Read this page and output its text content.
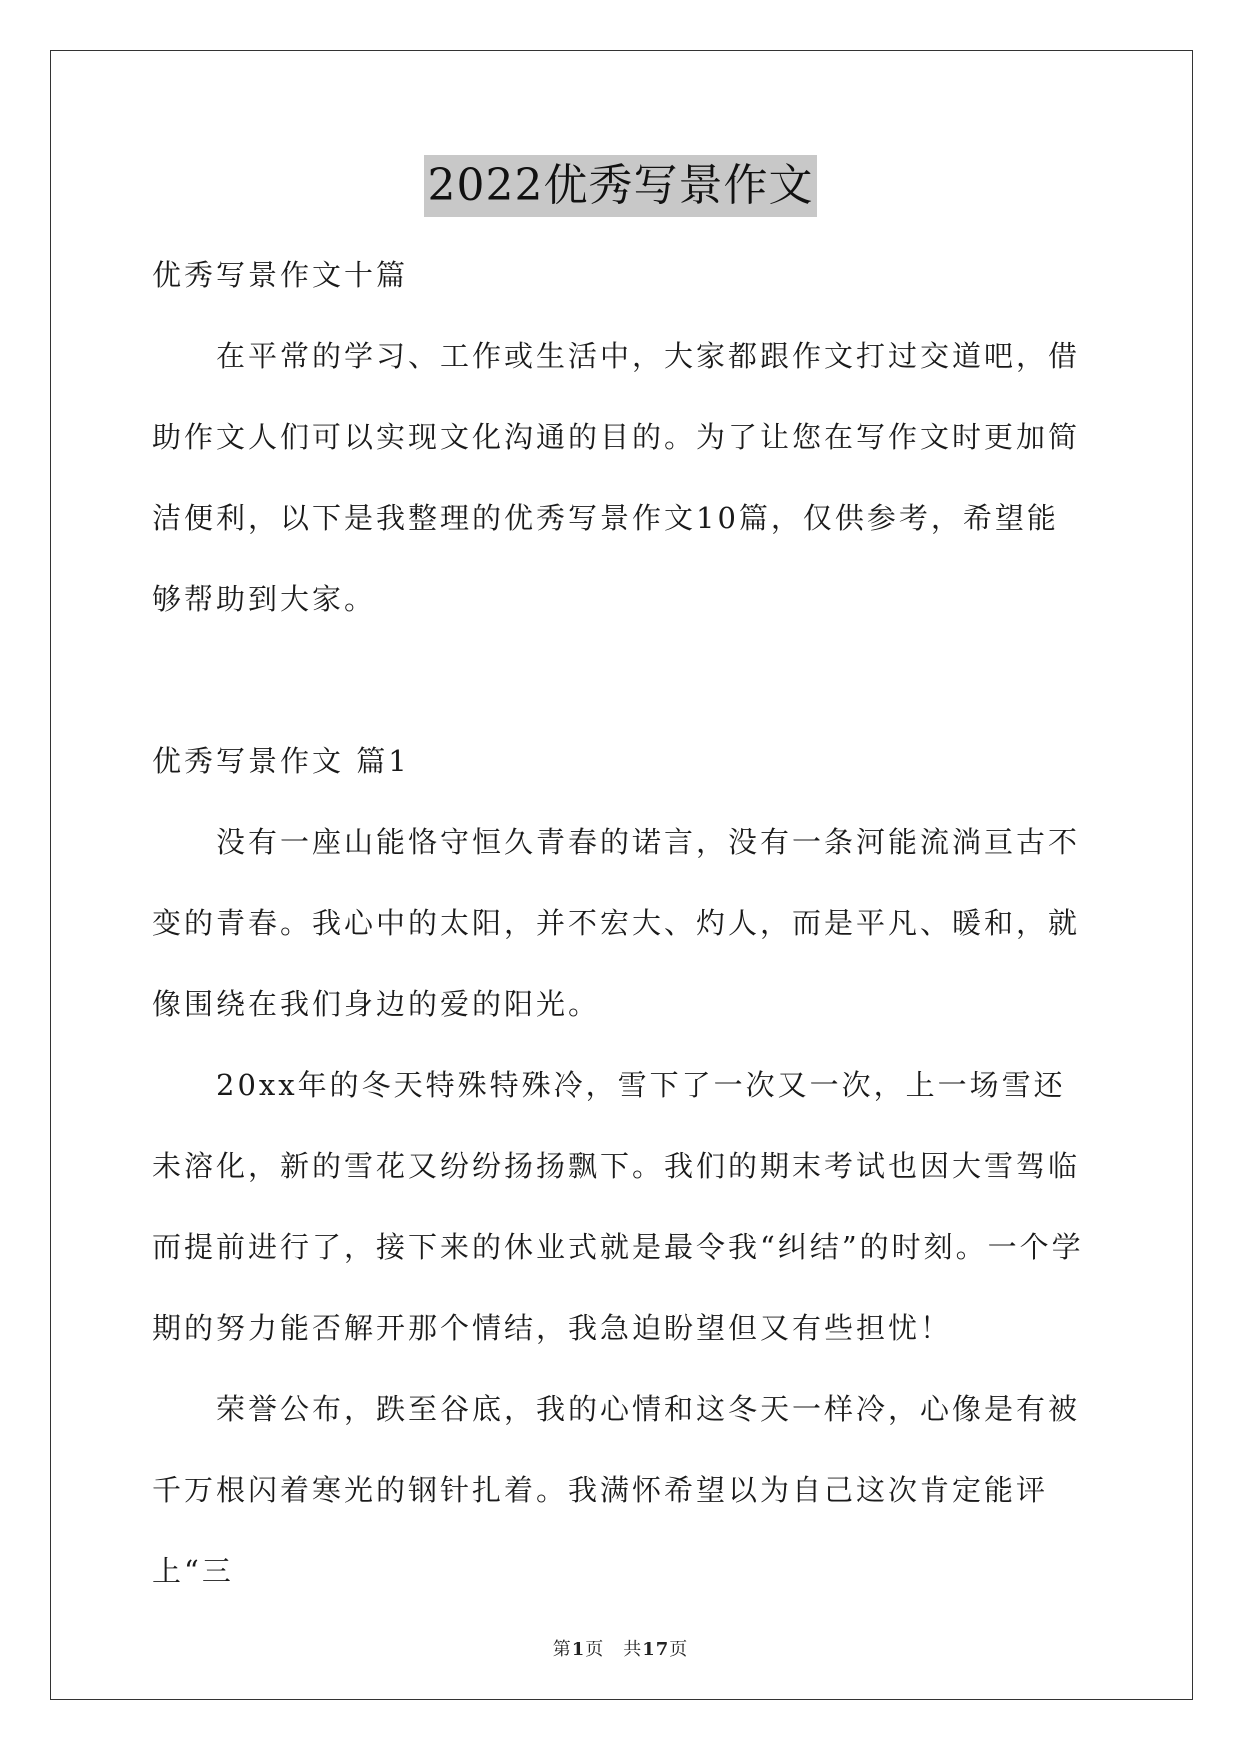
2022优秀写景作文

优秀写景作文十篇

在平常的学习、工作或生活中，大家都跟作文打过交道吧，借助作文人们可以实现文化沟通的目的。为了让您在写作文时更加简洁便利，以下是我整理的优秀写景作文10篇，仅供参考，希望能够帮助到大家。

优秀写景作文 篇1

没有一座山能恪守恒久青春的诺言，没有一条河能流淌亘古不变的青春。我心中的太阳，并不宏大、灼人，而是平凡、暖和，就像围绕在我们身边的爱的阳光。

20xx年的冬天特殊特殊冷，雪下了一次又一次，上一场雪还未溶化，新的雪花又纷纷扬扬飘下。我们的期末考试也因大雪驾临　而提前进行了，接下来的休业式就是最令我“纠结”的时刻。一个学期的努力能否解开那个情结，我急迫盼望但又有些担忧！

荣誉公布，跌至谷底，我的心情和这冬天一样冷，心像是有被千万根闪着寒光的钢针扎着。我满怀希望以为自己这次肯定能评上“三

第1页　共17页
